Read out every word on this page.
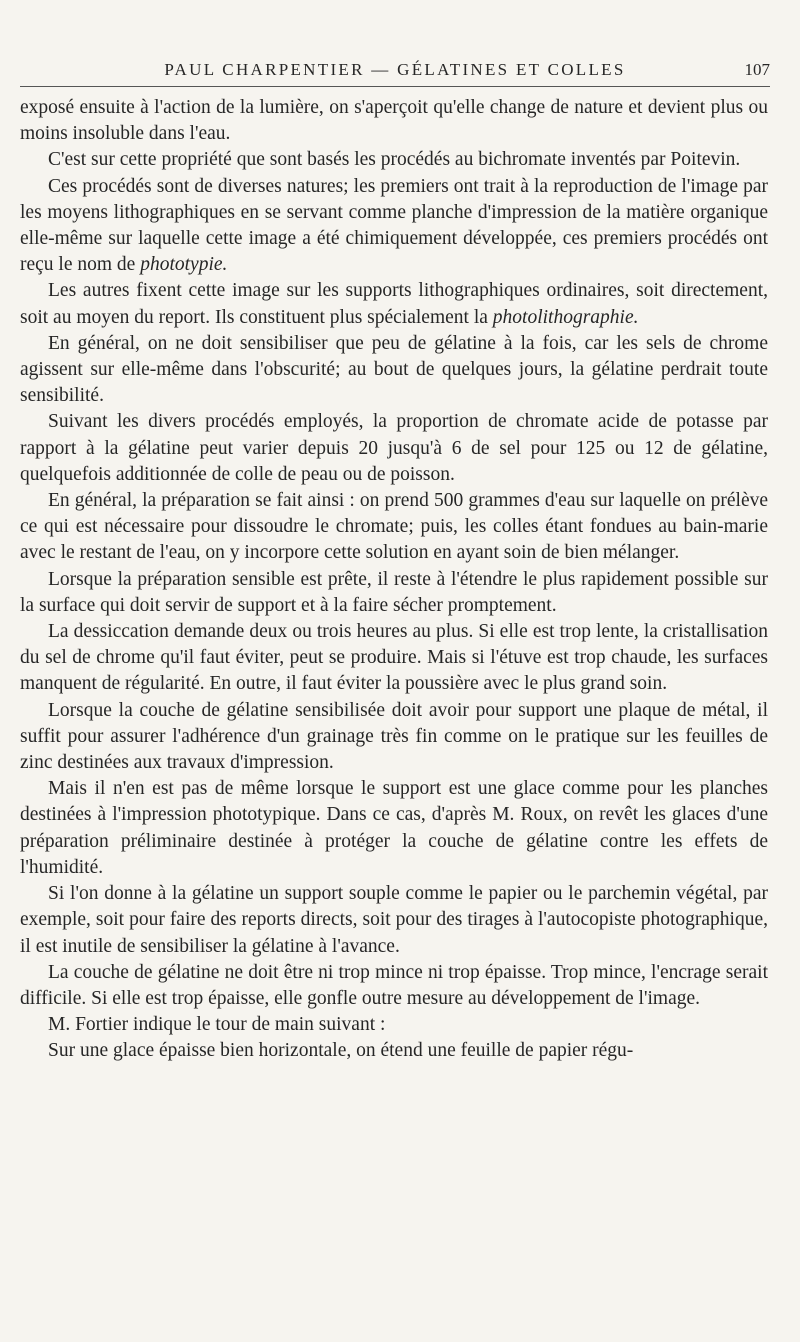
PAUL CHARPENTIER — GÉLATINES ET COLLES	107

exposé ensuite à l'action de la lumière, on s'aperçoit qu'elle change de nature et devient plus ou moins insoluble dans l'eau.

C'est sur cette propriété que sont basés les procédés au bichromate inventés par Poitevin.

Ces procédés sont de diverses natures; les premiers ont trait à la reproduction de l'image par les moyens lithographiques en se servant comme planche d'impression de la matière organique elle-même sur laquelle cette image a été chimiquement développée, ces premiers procédés ont reçu le nom de phototypie.

Les autres fixent cette image sur les supports lithographiques ordinaires, soit directement, soit au moyen du report. Ils constituent plus spécialement la photolithographie.

En général, on ne doit sensibiliser que peu de gélatine à la fois, car les sels de chrome agissent sur elle-même dans l'obscurité; au bout de quelques jours, la gélatine perdrait toute sensibilité.

Suivant les divers procédés employés, la proportion de chromate acide de potasse par rapport à la gélatine peut varier depuis 20 jusqu'à 6 de sel pour 125 ou 12 de gélatine, quelquefois additionnée de colle de peau ou de poisson.

En général, la préparation se fait ainsi : on prend 500 grammes d'eau sur laquelle on prélève ce qui est nécessaire pour dissoudre le chromate; puis, les colles étant fondues au bain-marie avec le restant de l'eau, on y incorpore cette solution en ayant soin de bien mélanger.

Lorsque la préparation sensible est prête, il reste à l'étendre le plus rapidement possible sur la surface qui doit servir de support et à la faire sécher promptement.

La dessiccation demande deux ou trois heures au plus. Si elle est trop lente, la cristallisation du sel de chrome qu'il faut éviter, peut se produire. Mais si l'étuve est trop chaude, les surfaces manquent de régularité. En outre, il faut éviter la poussière avec le plus grand soin.

Lorsque la couche de gélatine sensibilisée doit avoir pour support une plaque de métal, il suffit pour assurer l'adhérence d'un grainage très fin comme on le pratique sur les feuilles de zinc destinées aux travaux d'impression.

Mais il n'en est pas de même lorsque le support est une glace comme pour les planches destinées à l'impression phototypique. Dans ce cas, d'après M. Roux, on revêt les glaces d'une préparation préliminaire destinée à protéger la couche de gélatine contre les effets de l'humidité.

Si l'on donne à la gélatine un support souple comme le papier ou le parchemin végétal, par exemple, soit pour faire des reports directs, soit pour des tirages à l'autocopiste photographique, il est inutile de sensibiliser la gélatine à l'avance.

La couche de gélatine ne doit être ni trop mince ni trop épaisse. Trop mince, l'encrage serait difficile. Si elle est trop épaisse, elle gonfle outre mesure au développement de l'image.

M. Fortier indique le tour de main suivant :

Sur une glace épaisse bien horizontale, on étend une feuille de papier régu-
